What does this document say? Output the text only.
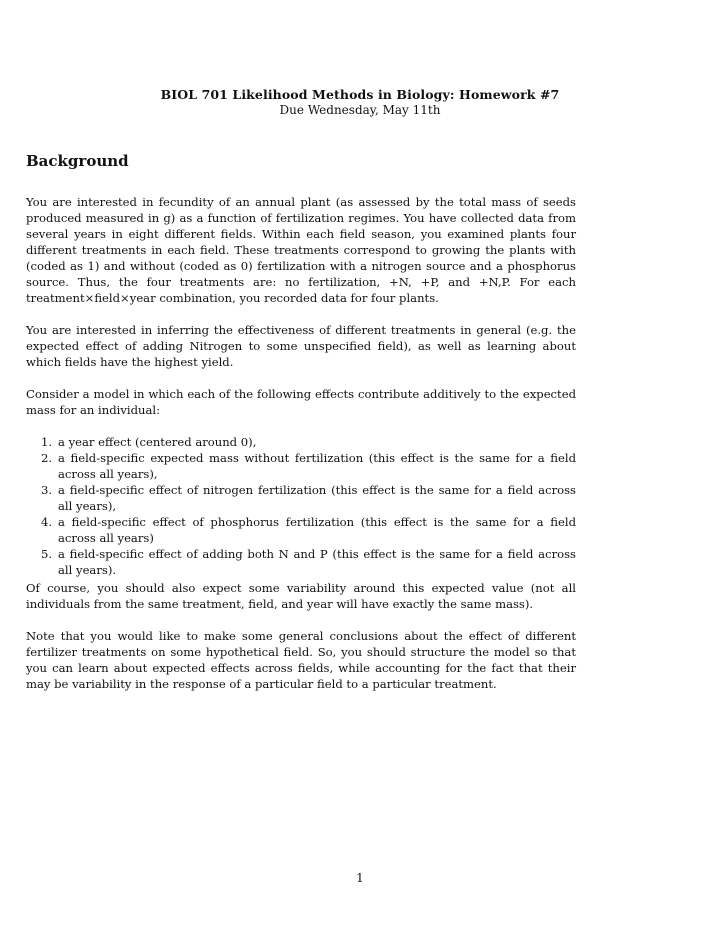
BIOL 701 Likelihood Methods in Biology: Homework #7
Due Wednesday, May 11th
Background
You are interested in fecundity of an annual plant (as assessed by the total mass of seeds produced measured in g) as a function of fertilization regimes. You have collected data from several years in eight different fields. Within each field season, you examined plants four different treatments in each field. These treatments correspond to growing the plants with (coded as 1) and without (coded as 0) fertilization with a nitrogen source and a phosphorus source. Thus, the four treatments are: no fertilization, +N, +P, and +N,P. For each treatment×field×year combination, you recorded data for four plants.
You are interested in inferring the effectiveness of different treatments in general (e.g. the expected effect of adding Nitrogen to some unspecified field), as well as learning about which fields have the highest yield.
Consider a model in which each of the following effects contribute additively to the expected mass for an individual:
1. a year effect (centered around 0),
2. a field-specific expected mass without fertilization (this effect is the same for a field across all years),
3. a field-specific effect of nitrogen fertilization (this effect is the same for a field across all years),
4. a field-specific effect of phosphorus fertilization (this effect is the same for a field across all years)
5. a field-specific effect of adding both N and P (this effect is the same for a field across all years).
Of course, you should also expect some variability around this expected value (not all individuals from the same treatment, field, and year will have exactly the same mass).
Note that you would like to make some general conclusions about the effect of different fertilizer treatments on some hypothetical field. So, you should structure the model so that you can learn about expected effects across fields, while accounting for the fact that their may be variability in the response of a particular field to a particular treatment.
1
